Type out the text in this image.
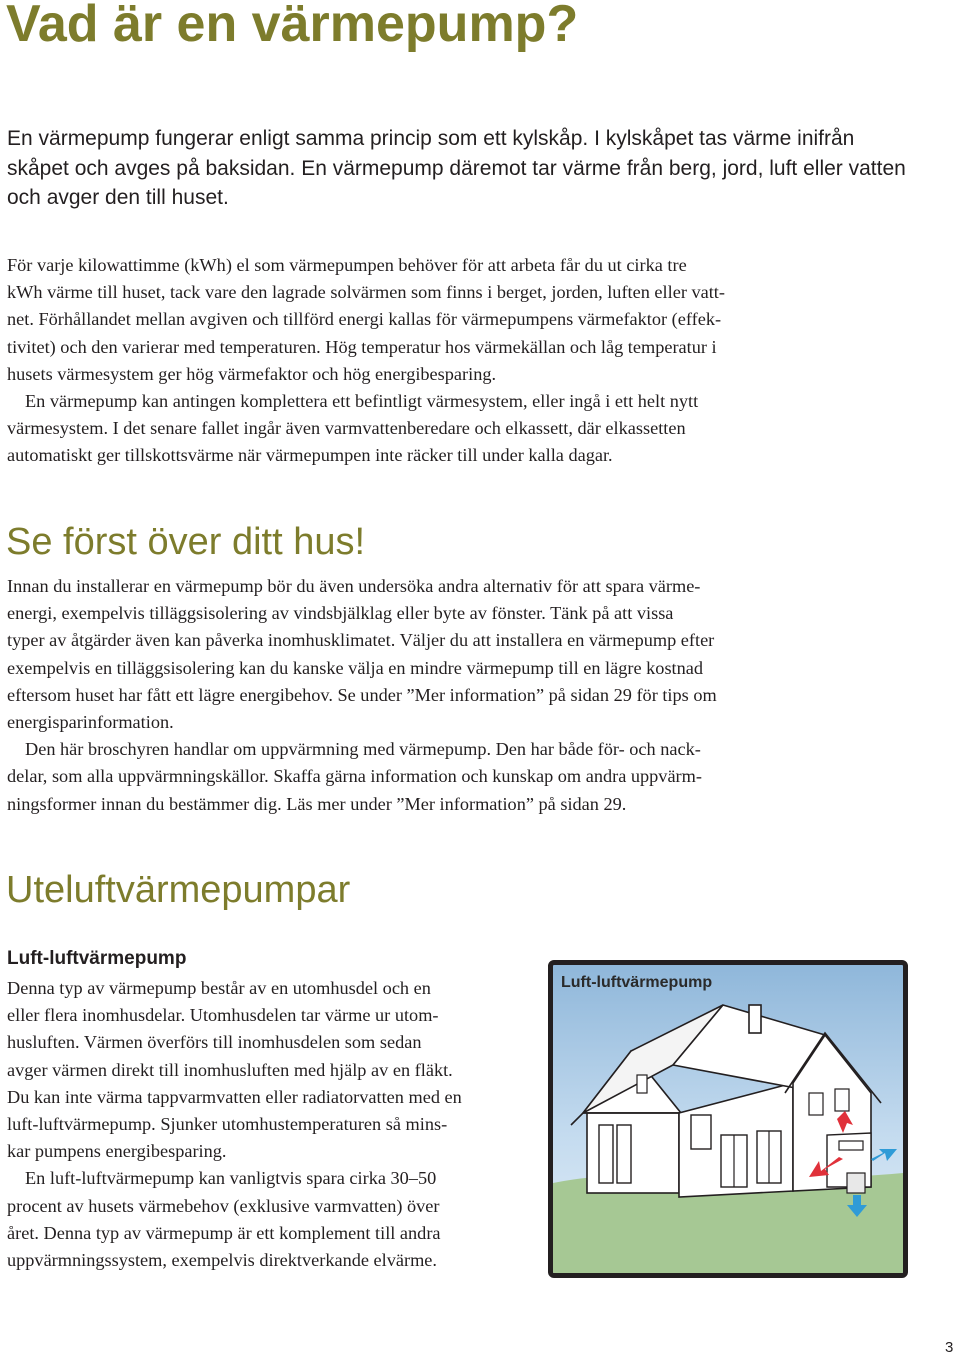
Vad är en värmepump?
En värmepump fungerar enligt samma princip som ett kylskåp. I kylskåpet tas värme inifrån skåpet och avges på baksidan. En värmepump däremot tar värme från berg, jord, luft eller vatten och avger den till huset.

För varje kilowattimme (kWh) el som värmepumpen behöver för att arbeta får du ut cirka tre
kWh värme till huset, tack vare den lagrade solvärmen som finns i berget, jorden, luften eller vatt-
net. Förhållandet mellan avgiven och tillförd energi kallas för värmepumpens värmefaktor (effek-
tivitet) och den varierar med temperaturen. Hög temperatur hos värmekällan och låg temperatur i
husets värmesystem ger hög värmefaktor och hög energibesparing.

En värmepump kan antingen komplettera ett befintligt värmesystem, eller ingå i ett helt nytt
värmesystem. I det senare fallet ingår även varmvattenberedare och elkassett, där elkassetten
automatiskt ger tillskottsvärme när värmepumpen inte räcker till under kalla dagar.

Se först över ditt hus!

Innan du installerar en värmepump bör du även undersöka andra alternativ för att spara värme-
energi, exempelvis tilläggsisolering av vindsbjälklag eller byte av fönster. Tänk på att vissa
typer av åtgärder även kan påverka inomhusklimatet. Väljer du att installera en värmepump efter
exempelvis en tilläggsisolering kan du kanske välja en mindre värmepump till en lägre kostnad
eftersom huset har fått ett lägre energibehov. Se under ”Mer information” på sidan 29 för tips om
energisparinformation.

Den här broschyren handlar om uppvärmning med värmepump. Den har både för- och nack-
delar, som alla uppvärmningskällor. Skaffa gärna information och kunskap om andra uppvärm-
ningsformer innan du bestämmer dig. Läs mer under ”Mer information” på sidan 29.

Uteluftvärmepumpar
Luft-luftvärmepump

Denna typ av värmepump består av en utomhusdel och en
eller flera inomhusdelar. Utomhusdelen tar värme ur utom-
husluften. Värmen överförs till inomhusdelen som sedan
avger värmen direkt till inomhusluften med hjälp av en fläkt.
Du kan inte värma tappvarmvatten eller radiatorvatten med en
luft-luftvärmepump. Sjunker utomhustemperaturen så mins-
kar pumpens energibesparing.

En luft-luftvärmepump kan vanligtvis spara cirka 30–50
procent av husets värmebehov (exklusive varmvatten) över
året. Denna typ av värmepump är ett komplement till andra
uppvärmningssystem, exempelvis direktverkande elvärme.

Luft-luftvärmepump

3
